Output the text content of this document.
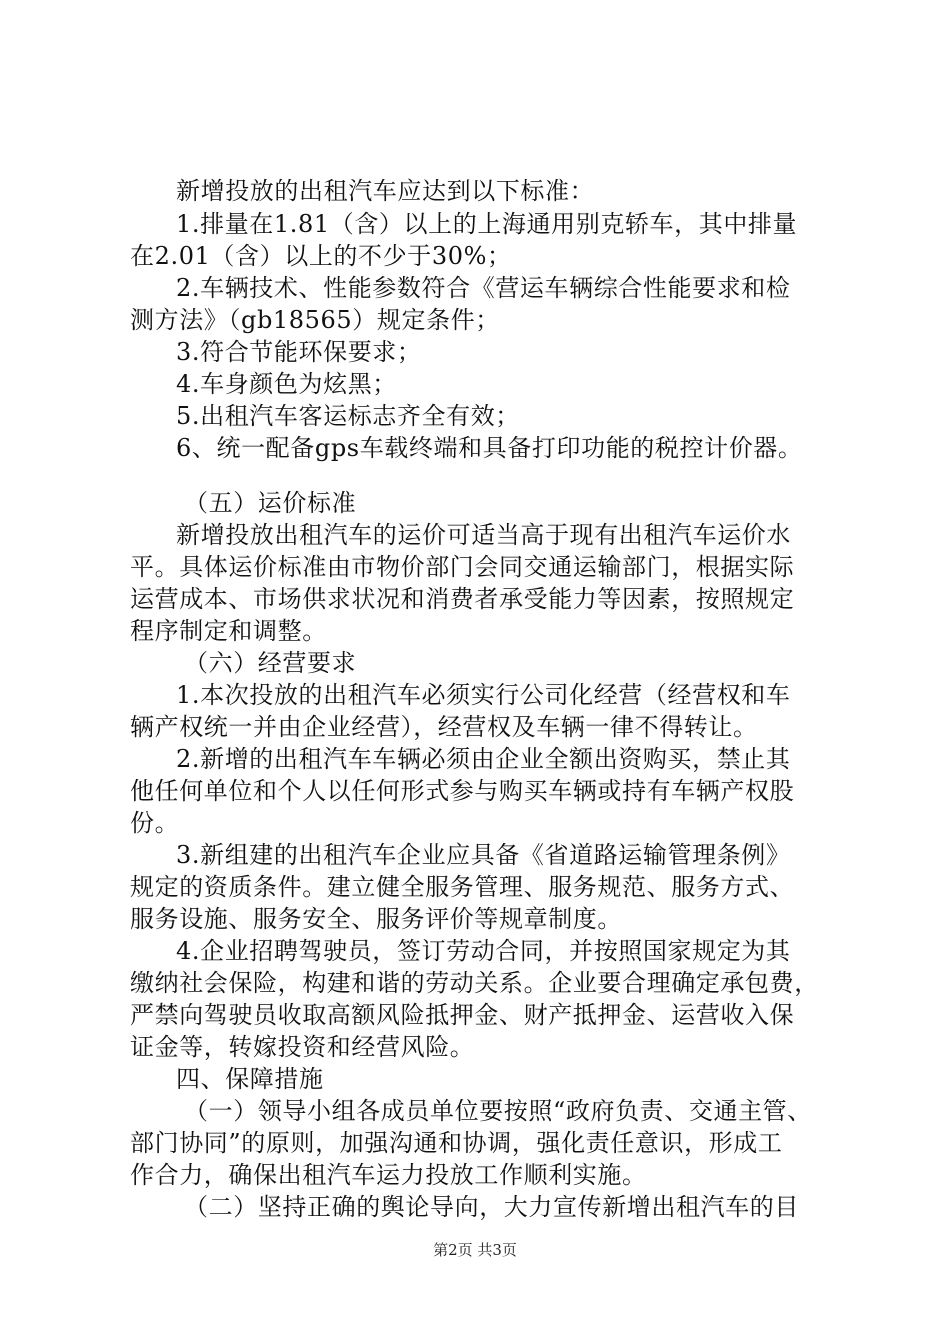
新增投放的出租汽车应达到以下标准：
1.排量在1.81（含）以上的上海通用别克轿车，其中排量
在2.01（含）以上的不少于30%；
2.车辆技术、性能参数符合《营运车辆综合性能要求和检
测方法》（gb18565）规定条件；
3.符合节能环保要求；
4.车身颜色为炫黑；
5.出租汽车客运标志齐全有效；
6、统一配备gps车载终端和具备打印功能的税控计价器。
（五）运价标准
新增投放出租汽车的运价可适当高于现有出租汽车运价水
平。具体运价标准由市物价部门会同交通运输部门，根据实际
运营成本、市场供求状况和消费者承受能力等因素，按照规定
程序制定和调整。
（六）经营要求
1.本次投放的出租汽车必须实行公司化经营（经营权和车
辆产权统一并由企业经营），经营权及车辆一律不得转让。
2.新增的出租汽车车辆必须由企业全额出资购买，禁止其
他任何单位和个人以任何形式参与购买车辆或持有车辆产权股
份。
3.新组建的出租汽车企业应具备《省道路运输管理条例》
规定的资质条件。建立健全服务管理、服务规范、服务方式、
服务设施、服务安全、服务评价等规章制度。
4.企业招聘驾驶员，签订劳动合同，并按照国家规定为其
缴纳社会保险，构建和谐的劳动关系。企业要合理确定承包费，
严禁向驾驶员收取高额风险抵押金、财产抵押金、运营收入保
证金等，转嫁投资和经营风险。
四、保障措施
（一）领导小组各成员单位要按照“政府负责、交通主管、
部门协同”的原则，加强沟通和协调，强化责任意识，形成工
作合力，确保出租汽车运力投放工作顺利实施。
（二）坚持正确的舆论导向，大力宣传新增出租汽车的目
第2页 共3页
